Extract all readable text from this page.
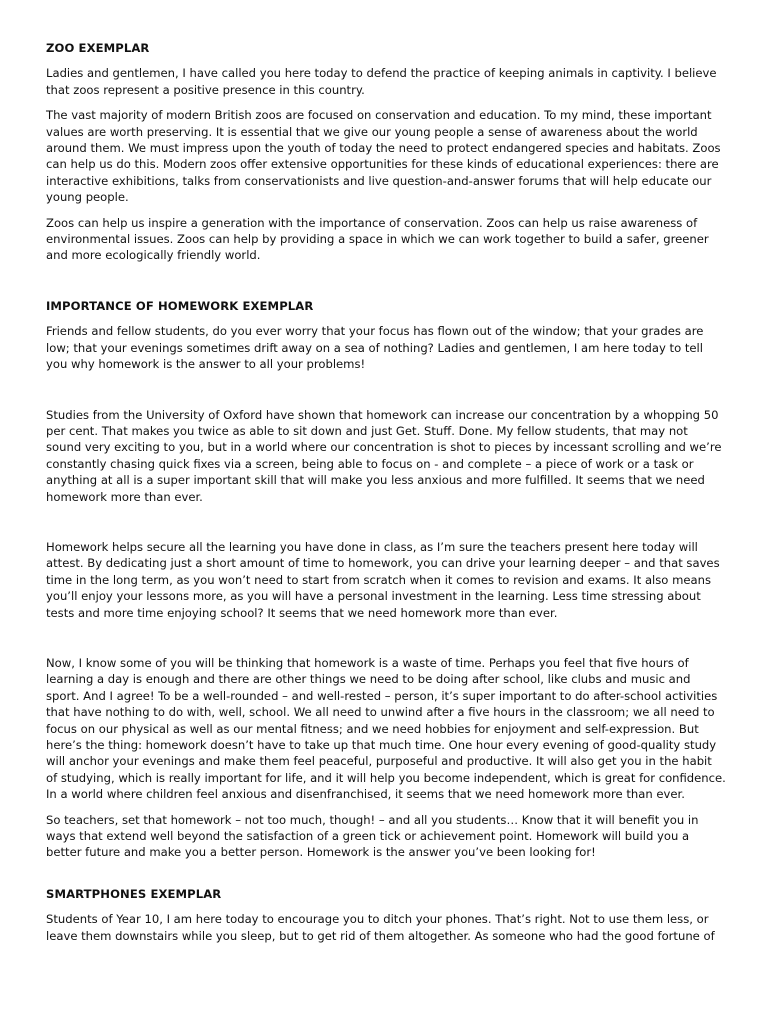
ZOO EXEMPLAR

Ladies and gentlemen, I have called you here today to defend the practice of keeping animals in captivity. I believe that zoos represent a positive presence in this country.

The vast majority of modern British zoos are focused on conservation and education. To my mind, these important values are worth preserving. It is essential that we give our young people a sense of awareness about the world around them. We must impress upon the youth of today the need to protect endangered species and habitats. Zoos can help us do this. Modern zoos offer extensive opportunities for these kinds of educational experiences: there are interactive exhibitions, talks from conservationists and live question-and-answer forums that will help educate our young people.

Zoos can help us inspire a generation with the importance of conservation. Zoos can help us raise awareness of environmental issues. Zoos can help by providing a space in which we can work together to build a safer, greener and more ecologically friendly world.

IMPORTANCE OF HOMEWORK EXEMPLAR

Friends and fellow students, do you ever worry that your focus has flown out of the window; that your grades are low; that your evenings sometimes drift away on a sea of nothing? Ladies and gentlemen, I am here today to tell you why homework is the answer to all your problems!

Studies from the University of Oxford have shown that homework can increase our concentration by a whopping 50 per cent. That makes you twice as able to sit down and just Get. Stuff. Done. My fellow students, that may not sound very exciting to you, but in a world where our concentration is shot to pieces by incessant scrolling and we’re constantly chasing quick fixes via a screen, being able to focus on - and complete – a piece of work or a task or anything at all is a super important skill that will make you less anxious and more fulfilled. It seems that we need homework more than ever.

Homework helps secure all the learning you have done in class, as I’m sure the teachers present here today will attest. By dedicating just a short amount of time to homework, you can drive your learning deeper – and that saves time in the long term, as you won’t need to start from scratch when it comes to revision and exams. It also means you’ll enjoy your lessons more, as you will have a personal investment in the learning. Less time stressing about tests and more time enjoying school? It seems that we need homework more than ever.

Now, I know some of you will be thinking that homework is a waste of time. Perhaps you feel that five hours of learning a day is enough and there are other things we need to be doing after school, like clubs and music and sport. And I agree! To be a well-rounded – and well-rested – person, it’s super important to do after-school activities that have nothing to do with, well, school. We all need to unwind after a five hours in the classroom; we all need to focus on our physical as well as our mental fitness; and we need hobbies for enjoyment and self-expression. But here’s the thing: homework doesn’t have to take up that much time. One hour every evening of good-quality study will anchor your evenings and make them feel peaceful, purposeful and productive. It will also get you in the habit of studying, which is really important for life, and it will help you become independent, which is great for confidence. In a world where children feel anxious and disenfranchised, it seems that we need homework more than ever.

So teachers, set that homework – not too much, though! – and all you students… Know that it will benefit you in ways that extend well beyond the satisfaction of a green tick or achievement point. Homework will build you a better future and make you a better person. Homework is the answer you’ve been looking for!

SMARTPHONES EXEMPLAR

Students of Year 10, I am here today to encourage you to ditch your phones. That’s right. Not to use them less, or leave them downstairs while you sleep, but to get rid of them altogether. As someone who had the good fortune of
